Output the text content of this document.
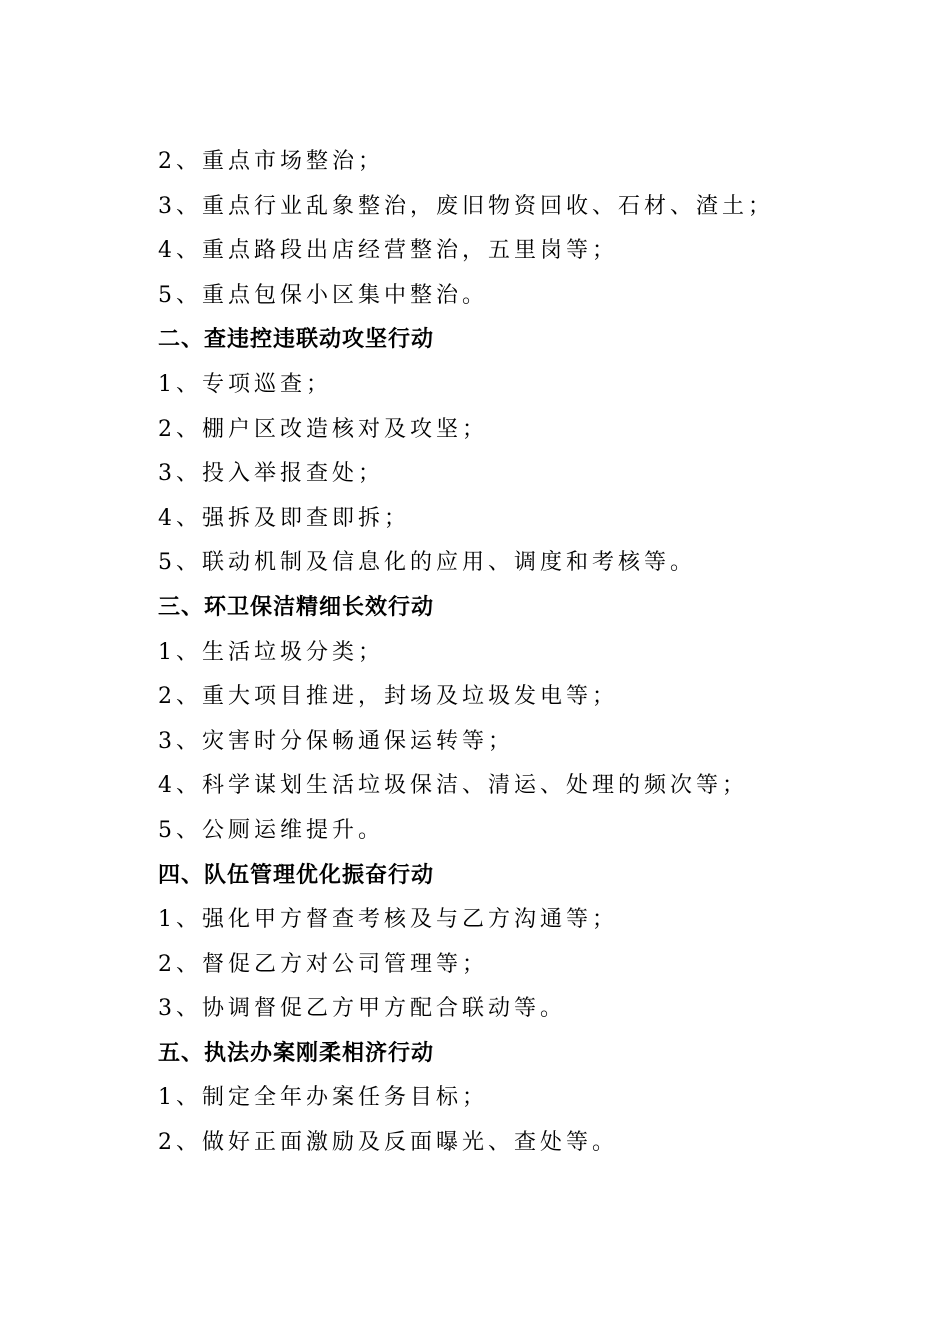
2、重点市场整治；
3、重点行业乱象整治，废旧物资回收、石材、渣土；
4、重点路段出店经营整治，五里岗等；
5、重点包保小区集中整治。
二、查违控违联动攻坚行动
1、专项巡查；
2、棚户区改造核对及攻坚；
3、投入举报查处；
4、强拆及即查即拆；
5、联动机制及信息化的应用、调度和考核等。
三、环卫保洁精细长效行动
1、生活垃圾分类；
2、重大项目推进，封场及垃圾发电等；
3、灾害时分保畅通保运转等；
4、科学谋划生活垃圾保洁、清运、处理的频次等；
5、公厕运维提升。
四、队伍管理优化振奋行动
1、强化甲方督查考核及与乙方沟通等；
2、督促乙方对公司管理等；
3、协调督促乙方甲方配合联动等。
五、执法办案刚柔相济行动
1、制定全年办案任务目标；
2、做好正面激励及反面曝光、查处等。
